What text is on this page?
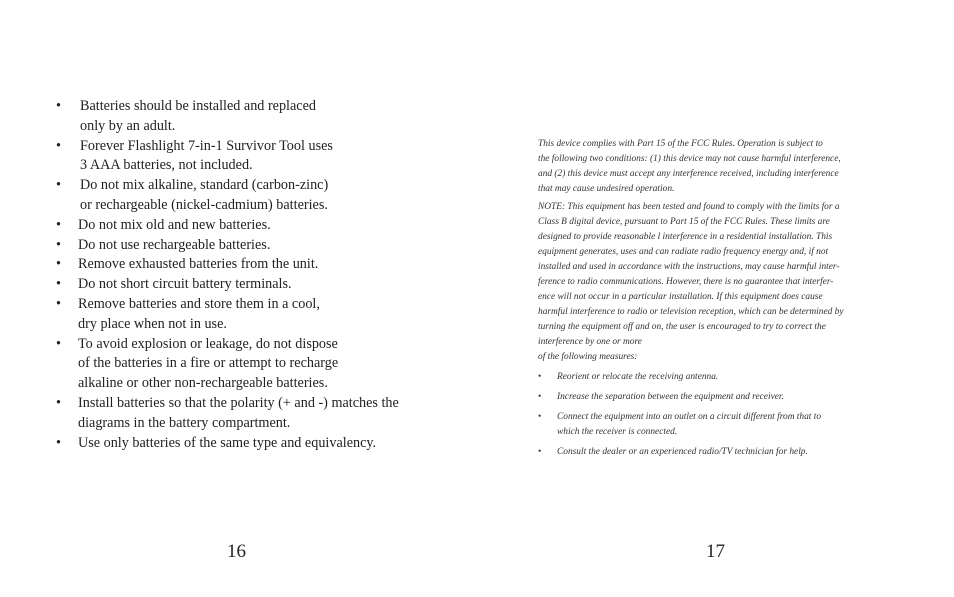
•	Batteries should be installed and replaced
only by an adult.
•	Forever Flashlight 7-in-1 Survivor Tool uses
3 AAA batteries, not included.
•	Do not mix alkaline, standard (carbon-zinc)
or rechargeable (nickel-cadmium) batteries.
•	Do not mix old and new batteries.
•	Do not use rechargeable batteries.
•	Remove exhausted batteries from the unit.
•	Do not short circuit battery terminals.
•	Remove batteries and store them in a cool,
dry place when not in use.
•	To avoid explosion or leakage, do not dispose
of the batteries in a fire or attempt to recharge
alkaline or other non-rechargeable batteries.
•	Install batteries so that the polarity (+ and -) matches the
diagrams in the battery compartment.
•	Use only batteries of the same type and equivalency.
16

This device complies with Part 15 of the FCC Rules. Operation is subject to
the following two conditions: (1) this device may not cause harmful interference,
and (2) this device must accept any interference received, including interference
that may cause undesired operation.

NOTE: This equipment has been tested and found to comply with the limits for a
Class B digital device, pursuant to Part 15 of the FCC Rules. These limits are
designed to provide reasonable l interference in a residential installation. This
equipment generates, uses and can radiate radio frequency energy and, if not
installed and used in accordance with the instructions, may cause harmful inter-
ference to radio communications. However, there is no guarantee that interfer-
ence will not occur in a particular installation. If this equipment does cause
harmful interference to radio or television reception, which can be determined by
turning the equipment off and on, the user is encouraged to try to correct the
interference by one or more
of the following measures:

• Reorient or relocate the receiving antenna.
• Increase the separation between the equipment and receiver.
• Connect the equipment into an outlet on a circuit different from that to
which the receiver is connected.
• Consult the dealer or an experienced radio/TV technician for help.
17
